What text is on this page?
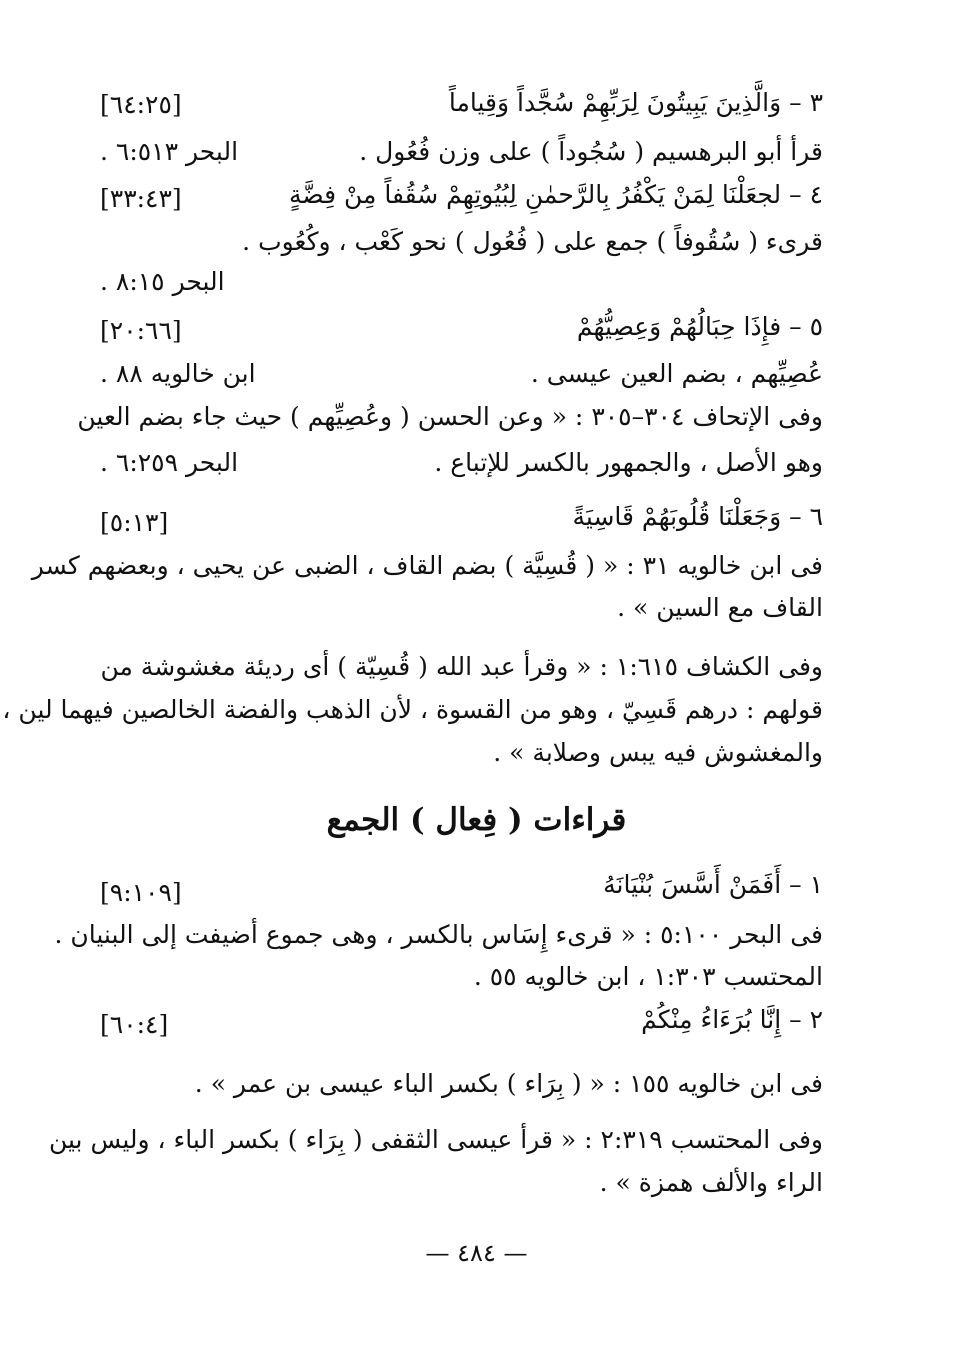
٣ – وَالَّذِينَ يَبِيتُونَ لِرَبِّهِمْ سُجَّداً وَقِياماً
[٦٤:٢٥]
قرأ أبو البرهسيم ( سُجُوداً ) على وزن فُعُول .
البحر ٦:٥١٣ .
٤ – لجعَلْنَا لِمَنْ يَكْفُرُ بِالرَّحمٰنِ لِبُيُوتِهِمْ سُقُفاً مِنْ فِضَّةٍ
[٣٣:٤٣]
قرىء ( سُقُوفاً ) جمع على ( فُعُول ) نحو كَعْب ، وكُعُوب .
البحر ٨:١٥ .
٥ – فإِذَا حِبَالُهُمْ وَعِصِيُّهُمْ
[٢٠:٦٦]
عُصِيِّهم ، بضم العين عيسى .
ابن خالويه ٨٨ .
وفى الإتحاف ٣٠٤–٣٠٥ : « وعن الحسن ( وعُصِيِّهم ) حيث جاء بضم العين
وهو الأصل ، والجمهور بالكسر للإتباع .
البحر ٦:٢٥٩ .
٦ – وَجَعَلْنَا قُلُوبَهُمْ قَاسِيَةً
[٥:١٣]
فى ابن خالويه ٣١ : « ( قُسِيَّة ) بضم القاف ، الضبى عن يحيى ، وبعضهم كسر
القاف مع السين » .
وفى الكشاف ١:٦١٥ : « وقرأ عبد الله ( قُسِيّة ) أى رديئة مغشوشة من
قولهم : درهم قَسِيّ ، وهو من القسوة ، لأن الذهب والفضة الخالصين فيهما لين ،
والمغشوش فيه يبس وصلابة » .
قراءات ( فِعال ) الجمع
١ – أَفَمَنْ أَسَّسَ بُنْيَانَهُ
[٩:١٠٩]
فى البحر ٥:١٠٠ : « قرىء إِسَاس بالكسر ، وهى جموع أضيفت إلى البنيان .
المحتسب ١:٣٠٣ ، ابن خالويه ٥٥ .
٢ – إِنَّا بُرَءَاءُ مِنْكُمْ
[٦٠:٤]
فى ابن خالويه ١٥٥ : « ( بِرَاء ) بكسر الباء عيسى بن عمر » .
وفى المحتسب ٢:٣١٩ : « قرأ عيسى الثقفى ( بِرَاء ) بكسر الباء ، وليس بين
الراء والألف همزة » .
— ٤٨٤ —
